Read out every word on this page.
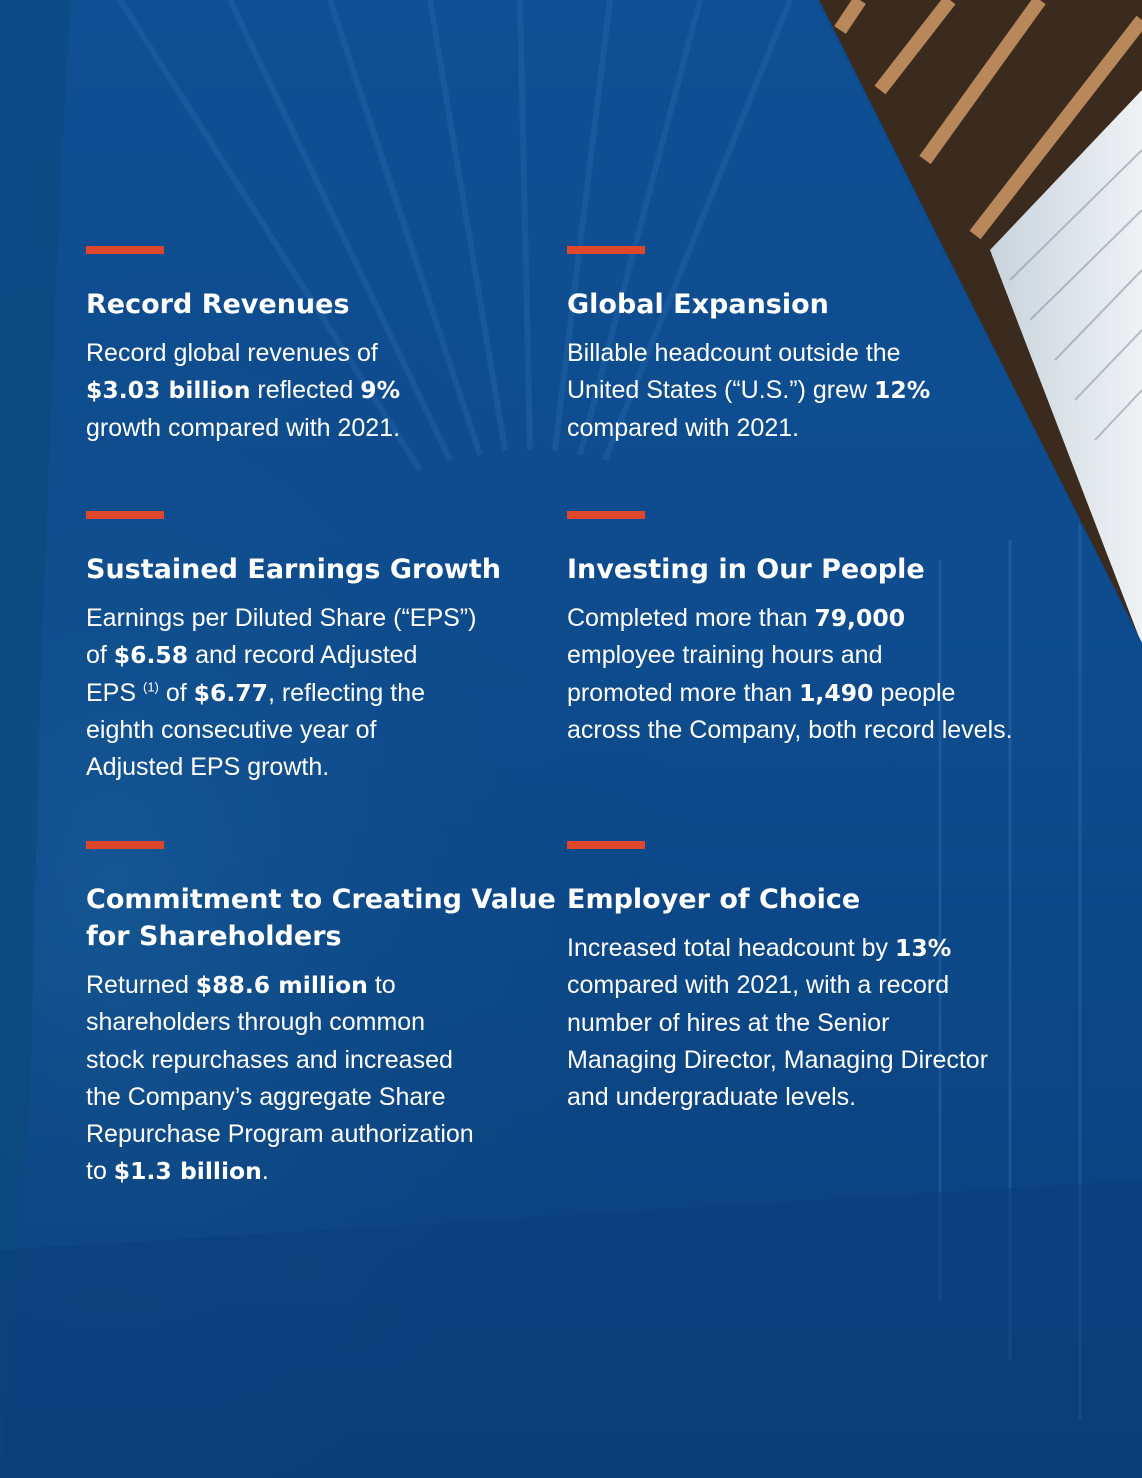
Record Revenues

Record global revenues of
$3.03 billion reflected 9%
growth compared with 2021.

Global Expansion

Billable headcount outside the
United States (“U.S.”) grew 12%
compared with 2021.

Sustained Earnings Growth

Earnings per Diluted Share (“EPS”)
of $6.58 and record Adjusted
EPS $^{(1)}$ of $6.77, reflecting the
eighth consecutive year of
Adjusted EPS growth.

Investing in Our People

Completed more than 79,000
employee training hours and
promoted more than 1,490 people
across the Company, both record levels.

Commitment to Creating Value
for Shareholders

Returned $88.6 million to
shareholders through common
stock repurchases and increased
the Company’s aggregate Share
Repurchase Program authorization
to $1.3 billion.

Employer of Choice

Increased total headcount by 13%
compared with 2021, with a record
number of hires at the Senior
Managing Director, Managing Director
and undergraduate levels.
